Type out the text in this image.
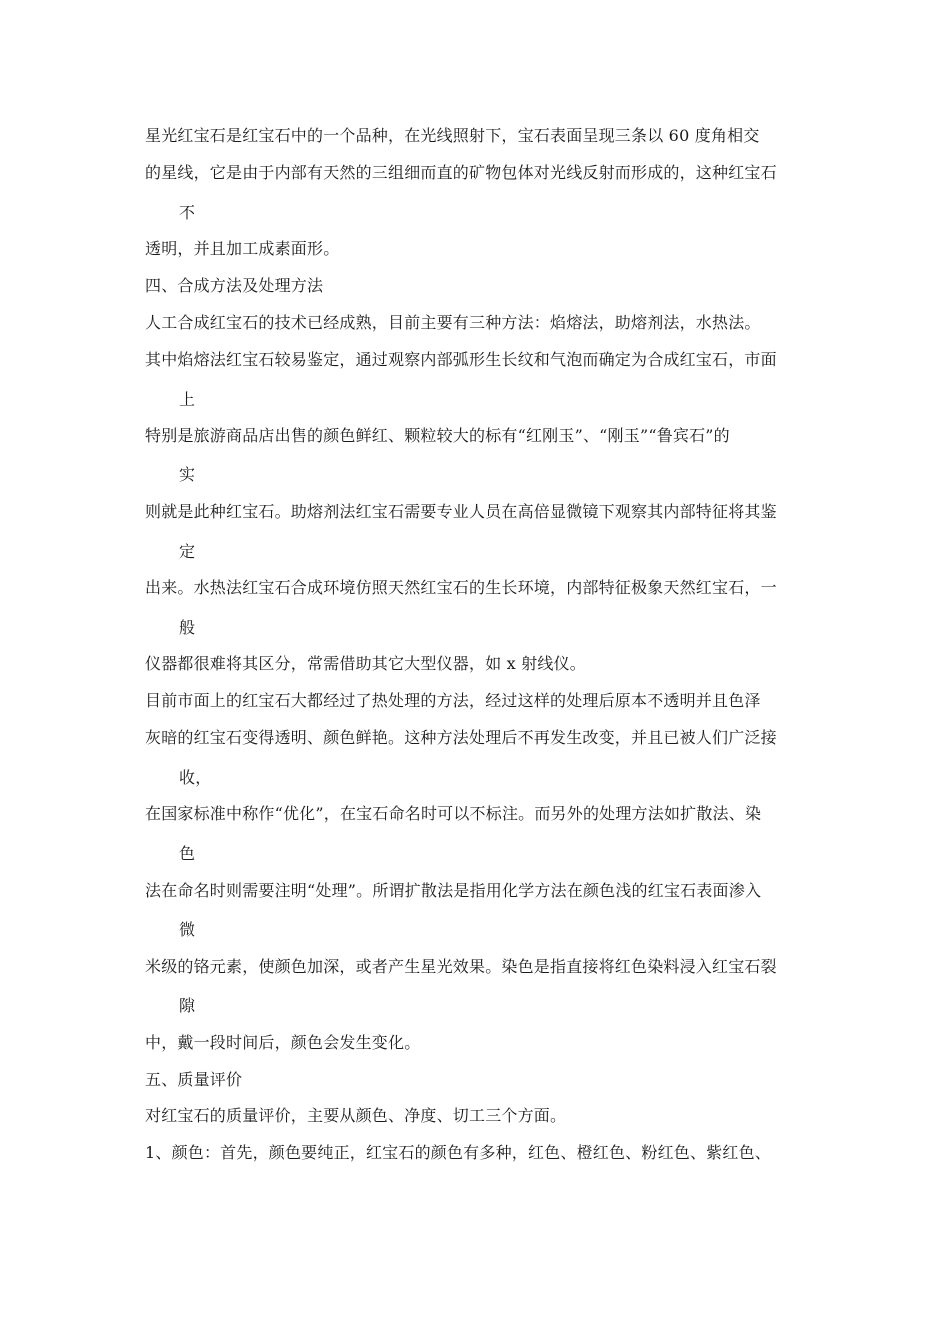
星光红宝石是红宝石中的一个品种，在光线照射下，宝石表面呈现三条以 60 度角相交
的星线，它是由于内部有天然的三组细而直的矿物包体对光线反射而形成的，这种红宝石
不
透明，并且加工成素面形。
四、合成方法及处理方法
人工合成红宝石的技术已经成熟，目前主要有三种方法：焰熔法，助熔剂法，水热法。
其中焰熔法红宝石较易鉴定，通过观察内部弧形生长纹和气泡而确定为合成红宝石，市面
上
特别是旅游商品店出售的颜色鲜红、颗粒较大的标有“红刚玉”、“刚玉”“鲁宾石”的
实
则就是此种红宝石。助熔剂法红宝石需要专业人员在高倍显微镜下观察其内部特征将其鉴
定
出来。水热法红宝石合成环境仿照天然红宝石的生长环境，内部特征极象天然红宝石，一
般
仪器都很难将其区分，常需借助其它大型仪器，如 x 射线仪。
目前市面上的红宝石大都经过了热处理的方法，经过这样的处理后原本不透明并且色泽
灰暗的红宝石变得透明、颜色鲜艳。这种方法处理后不再发生改变，并且已被人们广泛接
收，
在国家标准中称作“优化”，在宝石命名时可以不标注。而另外的处理方法如扩散法、染
色
法在命名时则需要注明“处理”。所谓扩散法是指用化学方法在颜色浅的红宝石表面渗入
微
米级的铬元素，使颜色加深，或者产生星光效果。染色是指直接将红色染料浸入红宝石裂
隙
中，戴一段时间后，颜色会发生变化。
五、质量评价
对红宝石的质量评价，主要从颜色、净度、切工三个方面。
1、颜色：首先，颜色要纯正，红宝石的颜色有多种，红色、橙红色、粉红色、紫红色、
